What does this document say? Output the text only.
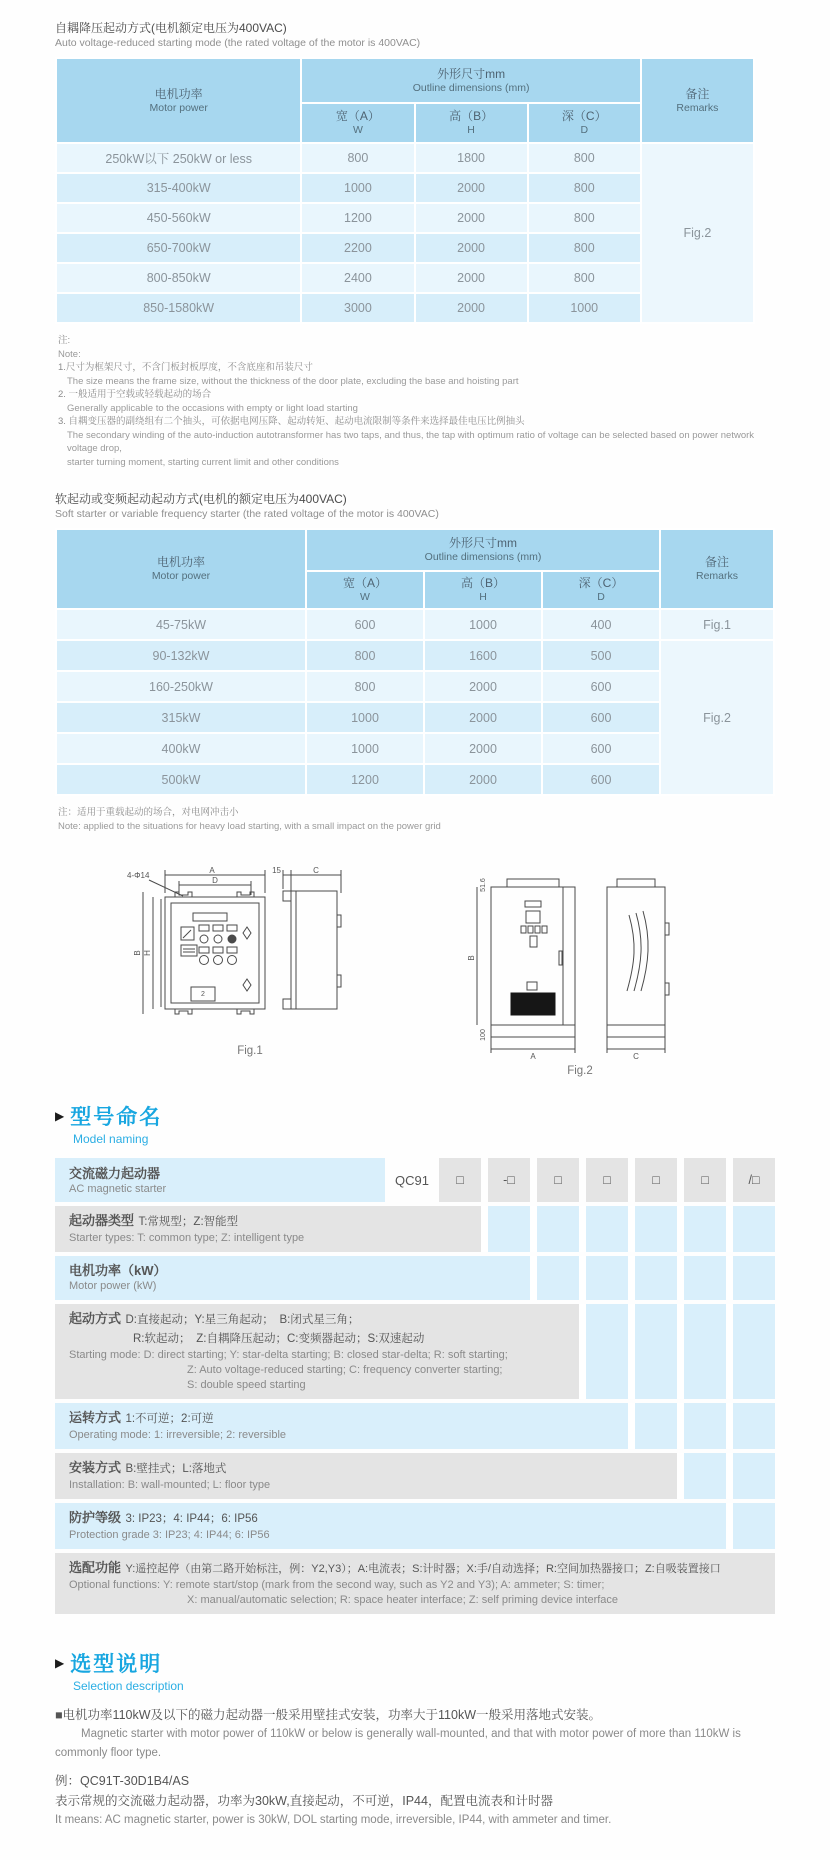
自耦降压起动方式(电机额定电压为400VAC)
Auto voltage-reduced starting mode (the rated voltage of the motor is 400VAC)
电机功率
Motor power

外形尺寸mm
Outline dimensions (mm)	备注
Remarks

宽（A）
W

高（B）
H

深（C）
D

250kW以下 250kW or less	800	1800	800	Fig.2
315-400kW	1000	2000	800	
450-560kW	1200	2000	800	
650-700kW	2200	2000	800	
800-850kW	2400	2000	800	
850-1580kW	3000	2000	1000	
注:
Note:
1.尺寸为框架尺寸，不含门板封板厚度，不含底座和吊装尺寸
The size means the frame size, without the thickness of the door plate, excluding the base and hoisting part
2. 一般适用于空载或轻载起动的场合
Generally applicable to the occasions with empty or light load starting
3. 自耦变压器的副绕组有二个抽头，可依据电网压降、起动转矩、起动电流限制等条件来选择最佳电压比例抽头
The secondary winding of the auto-induction autotransformer has two taps, and thus, the tap with optimum ratio of voltage can be selected based on power network voltage drop,
starter turning moment, starting current limit and other conditions
软起动或变频起动起动方式(电机的额定电压为400VAC)
Soft starter or variable frequency starter (the rated voltage of the motor is 400VAC)
电机功率
Motor power

外形尺寸mm
Outline dimensions (mm)	备注
Remarks

宽（A）
W

高（B）
H

深（C）
D

45-75kW	600	1000	400	Fig.1
90-132kW	800	1600	500	Fig.2
160-250kW	800	2000	600	
315kW	1000	2000	600	
400kW	1000	2000	600	
500kW	1200	2000	600	
注：适用于重载起动的场合，对电网冲击小
Note: applied to the situations for heavy load starting, with a small impact on the power grid
A
D
4-Φ14
H
B
2
15	C
Fig.1
51.6
100
B
A	C
Fig.2
▶ 型号命名
Model naming
交流磁力起动器
AC magnetic starter
QC91	□	-□	□	□	□	□	/□
起动器类型 T:常规型；Z:智能型
Starter types: T: common type; Z: intelligent type
电机功率（kW）
Motor power (kW)
起动方式 D:直接起动；Y:星三角起动；　B:闭式星三角；
R:软起动；　Z:自耦降压起动；C:变频器起动；S:双速起动
Starting mode: D: direct starting; Y: star-delta starting; B: closed star-delta; R: soft starting;
Z: Auto voltage-reduced starting; C: frequency converter starting;
S: double speed starting
运转方式 1:不可逆；2:可逆
Operating mode: 1: irreversible; 2: reversible
安装方式 B:壁挂式；L:落地式
Installation: B: wall-mounted; L: floor type
防护等级 3: IP23；4: IP44；6: IP56
Protection grade 3: IP23; 4: IP44; 6: IP56
选配功能 Y:遥控起停（由第二路开始标注，例：Y2,Y3）；A:电流表；S:计时器；X:手/自动选择；R:空间加热器接口；Z:自吸装置接口
Optional functions: Y: remote start/stop (mark from the second way, such as Y2 and Y3); A: ammeter; S: timer;
X: manual/automatic selection; R: space heater interface; Z: self priming device interface
▶ 选型说明
Selection description
■电机功率110kW及以下的磁力起动器一般采用壁挂式安装，功率大于110kW一般采用落地式安装。
Magnetic starter with motor power of 110kW or below is generally wall-mounted, and that with motor power of more than 110kW is
commonly floor type.
例：QC91T-30D1B4/AS
表示常规的交流磁力起动器，功率为30kW,直接起动，不可逆，IP44，配置电流表和计时器
It means: AC magnetic starter, power is 30kW, DOL starting mode, irreversible, IP44, with ammeter and timer.
